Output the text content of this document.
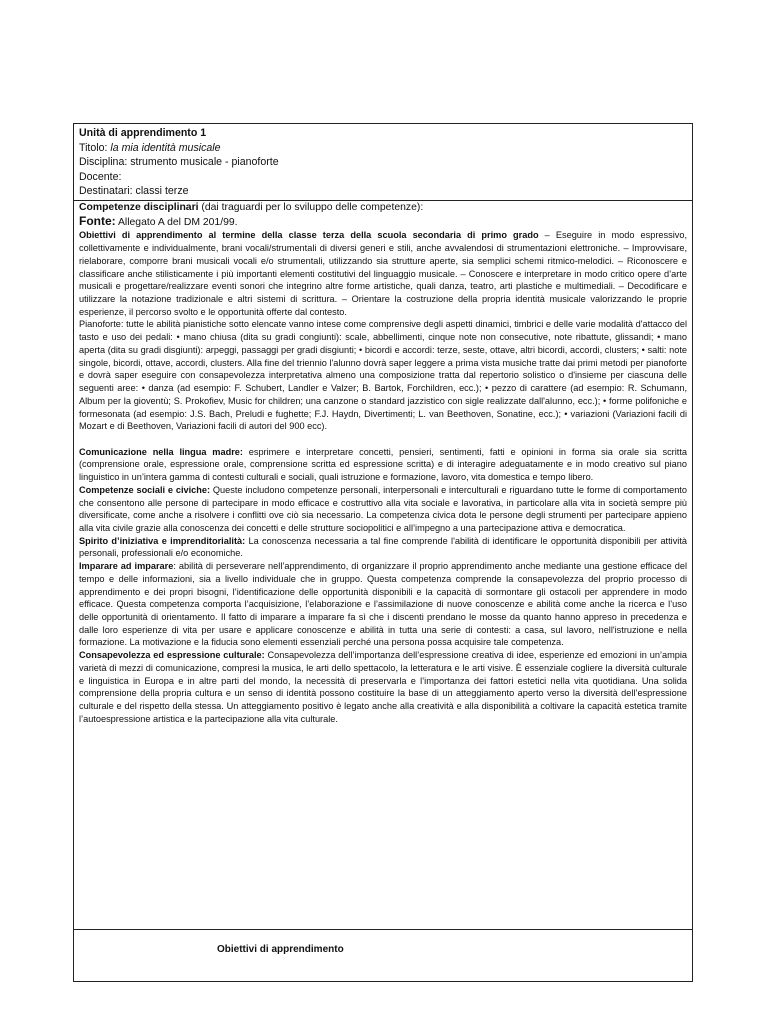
Unità di apprendimento 1
Titolo: la mia identità musicale
Disciplina: strumento musicale - pianoforte
Docente:
Destinatari: classi terze

Competenze disciplinari (dai traguardi per lo sviluppo delle competenze):

Fonte: Allegato A del DM 201/99.

Obiettivi di apprendimento al termine della classe terza della scuola secondaria di primo grado – Eseguire in modo espressivo, collettivamente e individualmente, brani vocali/strumentali di diversi generi e stili, anche avvalendosi di strumentazioni elettroniche. – Improvvisare, rielaborare, comporre brani musicali vocali e/o strumentali, utilizzando sia strutture aperte, sia semplici schemi ritmico-melodici. – Riconoscere e classificare anche stilisticamente i più importanti elementi costitutivi del linguaggio musicale. – Conoscere e interpretare in modo critico opere d’arte musicali e progettare/realizzare eventi sonori che integrino altre forme artistiche, quali danza, teatro, arti plastiche e multimediali. – Decodificare e utilizzare la notazione tradizionale e altri sistemi di scrittura. – Orientare la costruzione della propria identità musicale valorizzando le proprie esperienze, il percorso svolto e le opportunità offerte dal contesto.

Pianoforte: tutte le abilità pianistiche sotto elencate vanno intese come comprensive degli aspetti dinamici, timbrici e delle varie modalità d'attacco del tasto e uso dei pedali: • mano chiusa (dita su gradi congiunti): scale, abbellimenti, cinque note non consecutive, note ribattute, glissandi; • mano aperta (dita su gradi disgiunti): arpeggi, passaggi per gradi disgiunti; • bicordi e accordi: terze, seste, ottave, altri bicordi, accordi, clusters; • salti: note singole, bicordi, ottave, accordi, clusters. Alla fine del triennio l'alunno dovrà saper leggere a prima vista musiche tratte dai primi metodi per pianoforte e dovrà saper eseguire con consapevolezza interpretativa almeno una composizione tratta dal repertorio solistico o d'insieme per ciascuna delle seguenti aree: • danza (ad esempio: F. Schubert, Landler e Valzer; B. Bartok, Forchildren, ecc.); • pezzo di carattere (ad esempio: R. Schumann, Album per la gioventù; S. Prokofiev, Music for children; una canzone o standard jazzistico con sigle realizzate dall'alunno, ecc.); • forme polifoniche e formesonata (ad esempio: J.S. Bach, Preludi e fughette; F.J. Haydn, Divertimenti; L. van Beethoven, Sonatine, ecc.); • variazioni (Variazioni facili di Mozart e di Beethoven, Variazioni facili di autori del 900 ecc).

Comunicazione nella lingua madre: esprimere e interpretare concetti, pensieri, sentimenti, fatti e opinioni in forma sia orale sia scritta (comprensione orale, espressione orale, comprensione scritta ed espressione scritta) e di interagire adeguatamente e in modo creativo sul piano linguistico in un’intera gamma di contesti culturali e sociali, quali istruzione e formazione, lavoro, vita domestica e tempo libero.

Competenze sociali e civiche: Queste includono competenze personali, interpersonali e interculturali e riguardano tutte le forme di comportamento che consentono alle persone di partecipare in modo efficace e costruttivo alla vita sociale e lavorativa, in particolare alla vita in società sempre più diversificate, come anche a risolvere i conflitti ove ciò sia necessario. La competenza civica dota le persone degli strumenti per partecipare appieno alla vita civile grazie alla conoscenza dei concetti e delle strutture sociopolitici e all’impegno a una partecipazione attiva e democratica.

Spirito d’iniziativa e imprenditorialità: La conoscenza necessaria a tal fine comprende l'abilità di identificare le opportunità disponibili per attività personali, professionali e/o economiche.

Imparare ad imparare: abilità di perseverare nell’apprendimento, di organizzare il proprio apprendimento anche mediante una gestione efficace del tempo e delle informazioni, sia a livello individuale che in gruppo. Questa competenza comprende la consapevolezza del proprio processo di apprendimento e dei propri bisogni, l’identificazione delle opportunità disponibili e la capacità di sormontare gli ostacoli per apprendere in modo efficace. Questa competenza comporta l’acquisizione, l’elaborazione e l’assimilazione di nuove conoscenze e abilità come anche la ricerca e l’uso delle opportunità di orientamento. Il fatto di imparare a imparare fa sì che i discenti prendano le mosse da quanto hanno appreso in precedenza e dalle loro esperienze di vita per usare e applicare conoscenze e abilità in tutta una serie di contesti: a casa, sul lavoro, nell'istruzione e nella formazione. La motivazione e la fiducia sono elementi essenziali perché una persona possa acquisire tale competenza.

Consapevolezza ed espressione culturale: Consapevolezza dell’importanza dell’espressione creativa di idee, esperienze ed emozioni in un’ampia varietà di mezzi di comunicazione, compresi la musica, le arti dello spettacolo, la letteratura e le arti visive. È essenziale cogliere la diversità culturale e linguistica in Europa e in altre parti del mondo, la necessità di preservarla e l’importanza dei fattori estetici nella vita quotidiana. Una solida comprensione della propria cultura e un senso di identità possono costituire la base di un atteggiamento aperto verso la diversità dell’espressione culturale e del rispetto della stessa. Un atteggiamento positivo è legato anche alla creatività e alla disponibilità a coltivare la capacità estetica tramite l’autoespressione artistica e la partecipazione alla vita culturale.

Obiettivi di apprendimento
